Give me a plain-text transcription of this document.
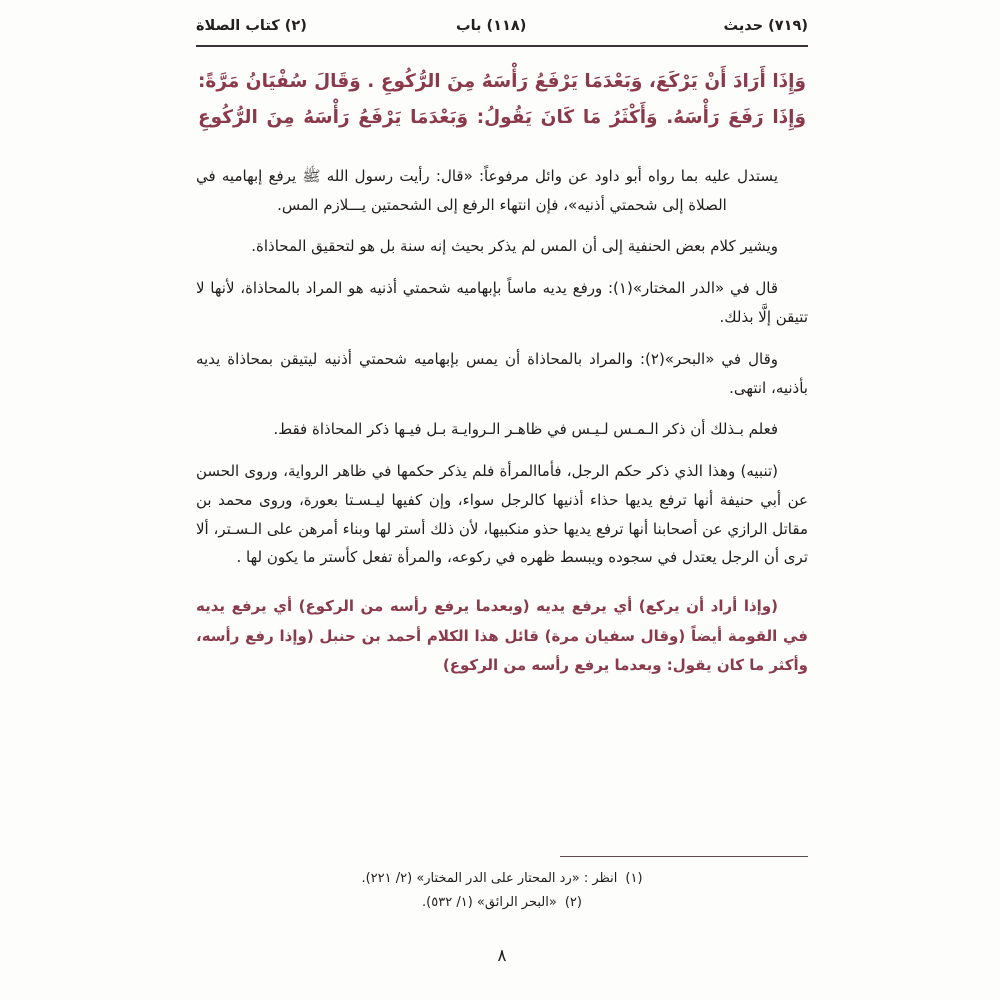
(٢) كتاب الصلاة	(١١٨) باب	(٧١٩) حديث
وَإِذَا أَرَادَ أَنْ يَرْكَعَ، وَبَعْدَمَا يَرْفَعُ رَأْسَهُ مِنَ الرُّكُوعِ . وَقَالَ سُفْيَانُ مَرَّةً:
وَإِذَا رَفَعَ رَأْسَهُ. وَأَكْثَرُ مَا كَانَ يَقُولُ: وَبَعْدَمَا يَرْفَعُ رَأْسَهُ مِنَ الرُّكُوعِ

يستدل عليه بما رواه أبو داود عن وائل مرفوعاً: «قال: رأيت رسول الله ﷺ يرفع إبهاميه في الصلاة إلى شحمتي أذنيه»، فإن انتهاء الرفع إلى الشحمتين يـــلازم المس.

ويشير كلام بعض الحنفية إلى أن المس لم يذكر بحيث إنه سنة بل هو لتحقيق المحاذاة.

قال في «الدر المختار»(١): ورفع يديه ماساً بإبهاميه شحمتي أذنيه هو المراد بالمحاذاة، لأنها لا تتيقن إلَّا بذلك.

وقال في «البحر»(٢): والمراد بالمحاذاة أن يمس بإبهاميه شحمتي أذنيه ليتيقن بمحاذاة يديه بأذنيه، انتهى.

فعلم بـذلك أن ذكر الـمـس لـيـس في ظاهـر الـروايـة بـل فيـها ذكر المحاذاة فقط.

(تنبيه) وهذا الذي ذكر حكم الرجل، فأماالمرأة فلم يذكر حكمها في ظاهر الرواية، وروى الحسن عن أبي حنيفة أنها ترفع يديها حذاء أذنيها كالرجل سواء، وإن كفيها ليـسـتا بعورة، وروى محمد بن مقاتل الرازي عن أصحابنا أنها ترفع يديها حذو منكبيها، لأن ذلك أستر لها وبناء أمرهن على الـسـتر، ألا ترى أن الرجل يعتدل في سجوده ويبسط ظهره في ركوعه، والمرأة تفعل كأستر ما يكون لها .

(وإذا أراد أن يركع) أي يرفع يديه (وبعدما يرفع رأسه من الركوع) أي يرفع يديه في القومة أيضاً (وقال سفيان مرة) قائل هذا الكلام أحمد بن حنبل (وإذا رفع رأسه، وأكثر ما كان يقول: وبعدما يرفع رأسه من الركوع)
(١)انظر : «رد المحتار على الدر المختار» (٢/ ٢٢١).
(٢)«البحر الرائق» (١/ ٥٣٢).
٨
